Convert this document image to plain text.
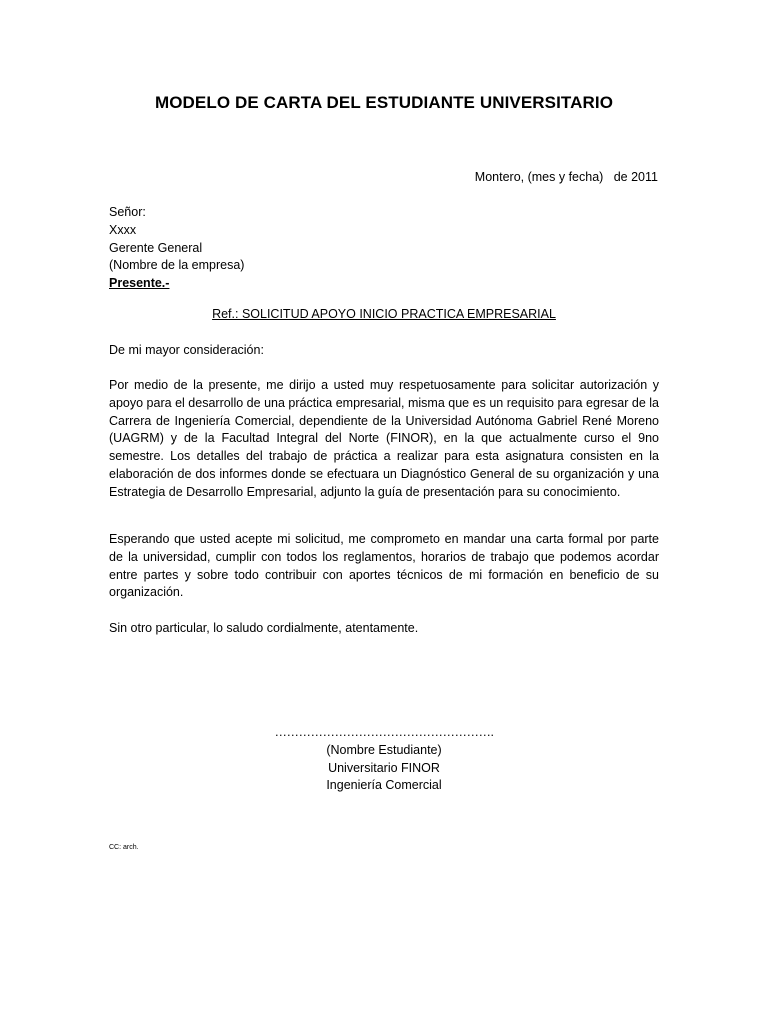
MODELO DE CARTA DEL ESTUDIANTE UNIVERSITARIO
Montero, (mes y fecha)   de 2011
Señor:
Xxxx
Gerente General
(Nombre de la empresa)
Presente.-
Ref.: SOLICITUD APOYO INICIO PRACTICA EMPRESARIAL
De mi mayor consideración:
Por medio de la presente, me dirijo a usted muy respetuosamente para solicitar autorización y apoyo para el desarrollo de una práctica empresarial, misma que es un requisito para egresar de la Carrera de Ingeniería Comercial, dependiente de la Universidad Autónoma Gabriel René Moreno (UAGRM) y de la Facultad Integral del Norte (FINOR), en la que actualmente curso el 9no semestre. Los detalles del trabajo de práctica a realizar para esta asignatura consisten en la elaboración de dos informes donde se efectuara un Diagnóstico General de su organización y una Estrategia de Desarrollo Empresarial, adjunto la guía de presentación para su conocimiento.
Esperando que usted acepte mi solicitud, me comprometo en mandar una carta formal por parte de la universidad, cumplir con todos los reglamentos, horarios de trabajo que podemos acordar entre partes y sobre todo contribuir con aportes técnicos de mi formación en beneficio de su organización.
Sin otro particular, lo saludo cordialmente, atentamente.
……………………………………………….
(Nombre Estudiante)
Universitario FINOR
Ingeniería Comercial
CC: arch.
